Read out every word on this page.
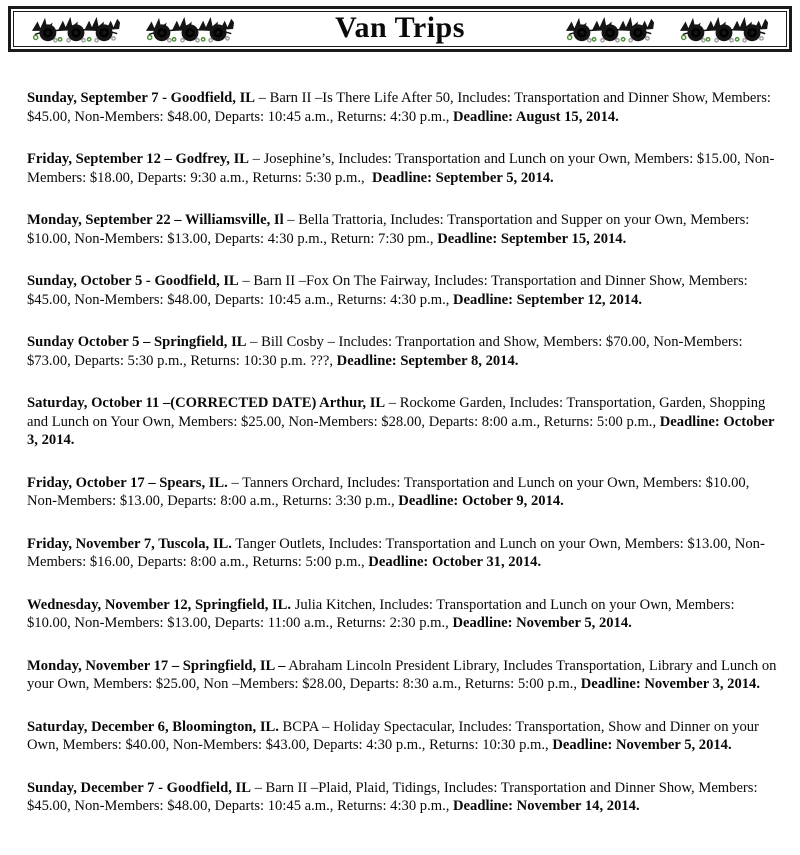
Van Trips

Sunday, September 7 - Goodfield, IL – Barn II –Is There Life After 50, Includes: Transportation and Dinner Show, Members: $45.00, Non-Members: $48.00, Departs: 10:45 a.m., Returns: 4:30 p.m., Deadline: August 15, 2014.

Friday, September 12 – Godfrey, IL – Josephine’s, Includes: Transportation and Lunch on your Own, Members: $15.00, Non-Members: $18.00, Departs: 9:30 a.m., Returns: 5:30 p.m.,  Deadline: September 5, 2014.

Monday, September 22 – Williamsville, Il – Bella Trattoria, Includes: Transportation and Supper on your Own, Members: $10.00, Non-Members: $13.00, Departs: 4:30 p.m., Return: 7:30 pm., Deadline: September 15, 2014.

Sunday, October 5 - Goodfield, IL – Barn II –Fox On The Fairway, Includes: Transportation and Dinner Show, Members: $45.00, Non-Members: $48.00, Departs: 10:45 a.m., Returns: 4:30 p.m., Deadline: September 12, 2014.

Sunday October 5 – Springfield, IL – Bill Cosby – Includes: Tranportation and Show, Members: $70.00, Non-Members: $73.00, Departs: 5:30 p.m., Returns: 10:30 p.m. ???, Deadline: September 8, 2014.

Saturday, October 11 –(CORRECTED DATE) Arthur, IL – Rockome Garden, Includes: Transportation, Garden, Shopping and Lunch on Your Own, Members: $25.00, Non-Members: $28.00, Departs: 8:00 a.m., Returns: 5:00 p.m., Deadline: October 3, 2014.

Friday, October 17 – Spears, IL. – Tanners Orchard, Includes: Transportation and Lunch on your Own, Members: $10.00, Non-Members: $13.00, Departs: 8:00 a.m., Returns: 3:30 p.m., Deadline: October 9, 2014.

Friday, November 7, Tuscola, IL. Tanger Outlets, Includes: Transportation and Lunch on your Own, Members: $13.00, Non-Members: $16.00, Departs: 8:00 a.m., Returns: 5:00 p.m., Deadline: October 31, 2014.

Wednesday, November 12, Springfield, IL. Julia Kitchen, Includes: Transportation and Lunch on your Own, Members: $10.00, Non-Members: $13.00, Departs: 11:00 a.m., Returns: 2:30 p.m., Deadline: November 5, 2014.

Monday, November 17 – Springfield, IL – Abraham Lincoln President Library, Includes Transportation, Library and Lunch on your Own, Members: $25.00, Non –Members: $28.00, Departs: 8:30 a.m., Returns: 5:00 p.m., Deadline: November 3, 2014.

Saturday, December 6, Bloomington, IL. BCPA – Holiday Spectacular, Includes: Transportation, Show and Dinner on your Own, Members: $40.00, Non-Members: $43.00, Departs: 4:30 p.m., Returns: 10:30 p.m., Deadline: November 5, 2014.

Sunday, December 7 - Goodfield, IL – Barn II –Plaid, Plaid, Tidings, Includes: Transportation and Dinner Show, Members: $45.00, Non-Members: $48.00, Departs: 10:45 a.m., Returns: 4:30 p.m., Deadline: November 14, 2014.
